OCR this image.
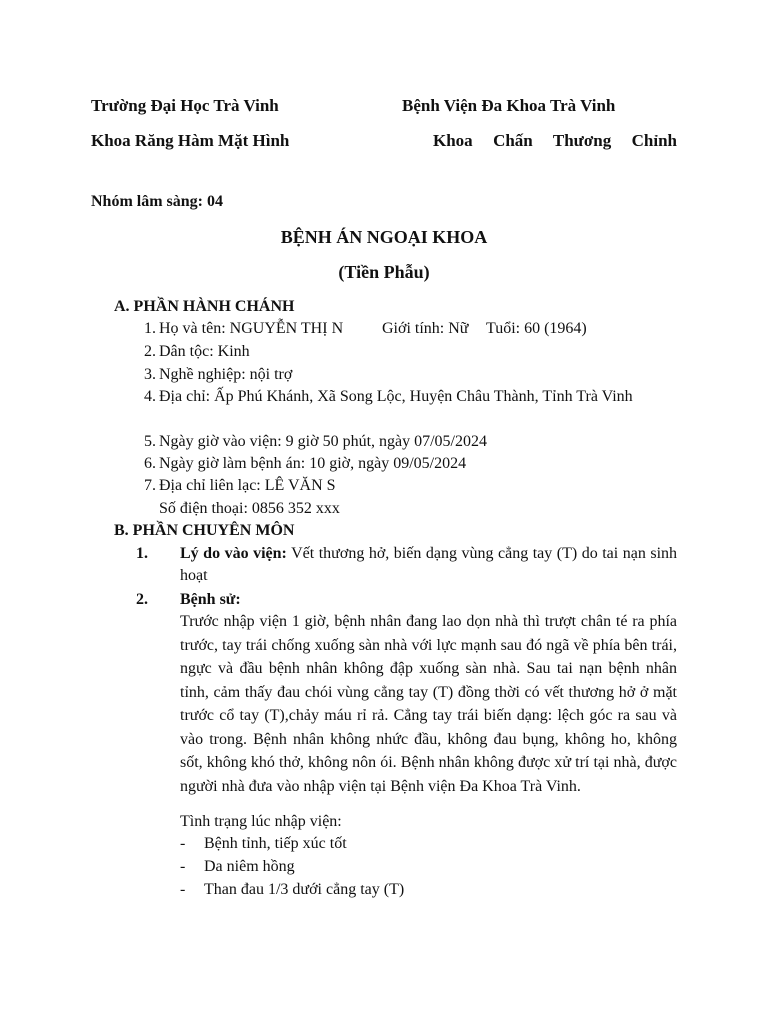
Trường Đại Học Trà Vinh	Bệnh Viện Đa Khoa Trà Vinh
Khoa Răng Hàm Mặt Hình	Khoa Chấn Thương Chỉnh
Nhóm lâm sàng: 04
BỆNH ÁN NGOẠI KHOA
(Tiền Phẫu)
A. PHẦN HÀNH CHÁNH
1. Họ và tên: NGUYỄN THỊ N Giới tính: Nữ Tuổi: 60 (1964)
2. Dân tộc: Kinh
3. Nghề nghiệp: nội trợ
4. Địa chỉ: Ấp Phú Khánh, Xã Song Lộc, Huyện Châu Thành, Tỉnh Trà Vinh
5. Ngày giờ vào viện: 9 giờ 50 phút, ngày 07/05/2024
6. Ngày giờ làm bệnh án: 10 giờ, ngày 09/05/2024
7. Địa chỉ liên lạc: LÊ VĂN S
Số điện thoại: 0856 352 xxx
B. PHẦN CHUYÊN MÔN
1. Lý do vào viện: Vết thương hở, biến dạng vùng cẳng tay (T) do tai nạn sinh hoạt
2. Bệnh sử:
Trước nhập viện 1 giờ, bệnh nhân đang lao dọn nhà thì trượt chân té ra phía trước, tay trái chống xuống sàn nhà với lực mạnh sau đó ngã về phía bên trái, ngực và đầu bệnh nhân không đập xuống sàn nhà. Sau tai nạn bệnh nhân tỉnh, cảm thấy đau chói vùng cẳng tay (T) đồng thời có vết thương hở ở mặt trước cổ tay (T),chảy máu rỉ rả. Cẳng tay trái biến dạng: lệch góc ra sau và vào trong. Bệnh nhân không nhức đầu, không đau bụng, không ho, không sốt, không khó thở, không nôn ói. Bệnh nhân không được xử trí tại nhà, được người nhà đưa vào nhập viện tại Bệnh viện Đa Khoa Trà Vinh.
Tình trạng lúc nhập viện:
- Bệnh tỉnh, tiếp xúc tốt
- Da niêm hồng
- Than đau 1/3 dưới cẳng tay (T)
